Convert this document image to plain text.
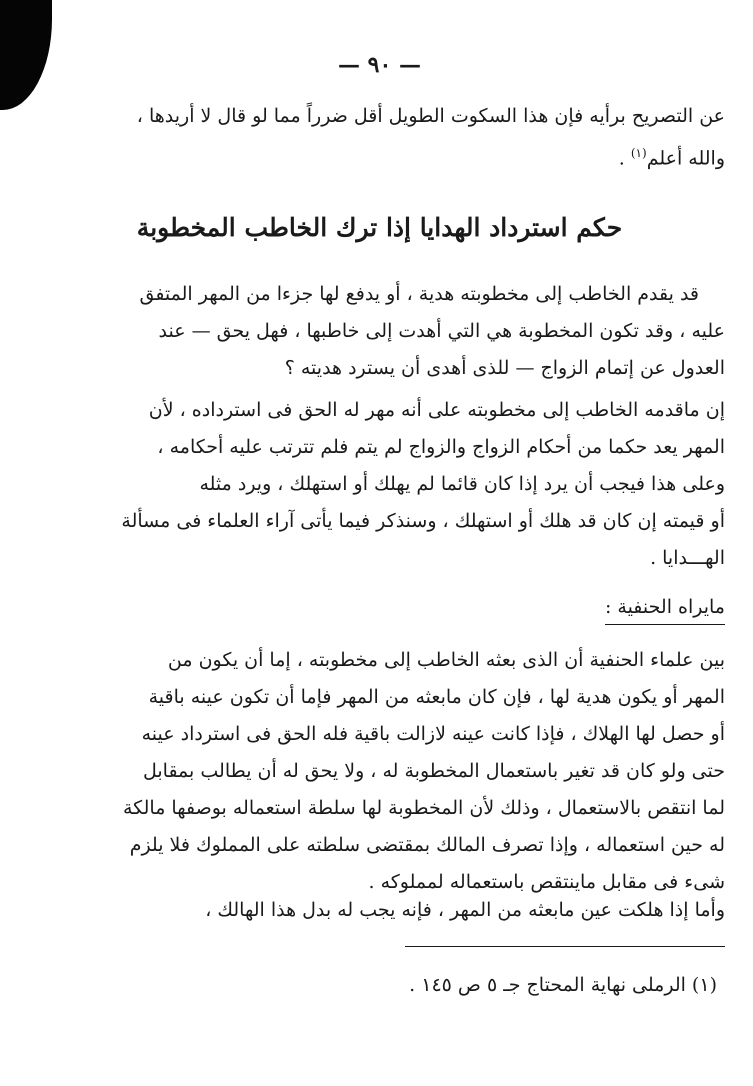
— ٩٠ —
عن التصريح برأيه فإن هذا السكوت الطويل أقل ضرراً مما لو قال لا أريدها ،
والله أعلم$^{(١)}$ .
حكم استرداد الهدايا إذا ترك الخاطب المخطوبة
قد يقدم الخاطب إلى مخطوبته هدية ، أو يدفع لها جزءا من المهر المتفق
عليه ، وقد تكون المخطوبة هي التي أهدت إلى خاطبها ، فهل يحق — عند
العدول عن إتمام الزواج — للذى أهدى أن يسترد هديته ؟
إن ماقدمه الخاطب إلى مخطوبته على أنه مهر له الحق فى استرداده ، لأن
المهر يعد حكما من أحكام الزواج والزواج لم يتم فلم تترتب عليه أحكامه ،
وعلى هذا فيجب أن يرد إذا كان قائما لم يهلك أو استهلك ، ويرد مثله
أو قيمته إن كان قد هلك أو استهلك ، وسنذكر فيما يأتى آراء العلماء فى مسألة
الهـــدايا .
مايراه الحنفية :
بين علماء الحنفية أن الذى بعثه الخاطب إلى مخطوبته ، إما أن يكون من
المهر أو يكون هدية لها ، فإن كان مابعثه من المهر فإما أن تكون عينه باقية
أو حصل لها الهلاك ، فإذا كانت عينه لازالت باقية فله الحق فى استرداد عينه
حتى ولو كان قد تغير باستعمال المخطوبة له ، ولا يحق له أن يطالب بمقابل
لما انتقص بالاستعمال ، وذلك لأن المخطوبة لها سلطة استعماله بوصفها مالكة
له حين استعماله ، وإذا تصرف المالك بمقتضى سلطته على المملوك فلا يلزم
شىء فى مقابل ماينتقص باستعماله لمملوكه .
وأما إذا هلكت عين مابعثه من المهر ، فإنه يجب له بدل هذا الهالك ،
(١) الرملى نهاية المحتاج جـ ٥ ص ١٤٥ .
